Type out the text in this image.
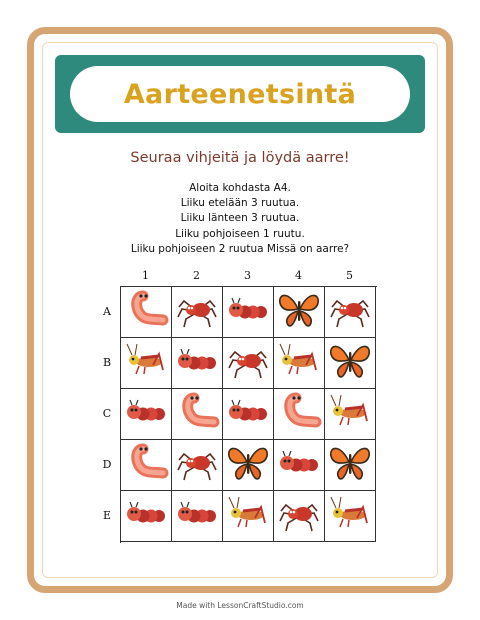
Aarteenetsintä
Seuraa vihjeitä ja löydä aarre!
Aloita kohdasta A4.
Liiku etelään 3 ruutua.
Liiku länteen 3 ruutua.
Liiku pohjoiseen 1 ruutu.
Liiku pohjoiseen 2 ruutua Missä on aarre?
1	2	3	4	5
A
B
C
D
E
Made with LessonCraftStudio.com
